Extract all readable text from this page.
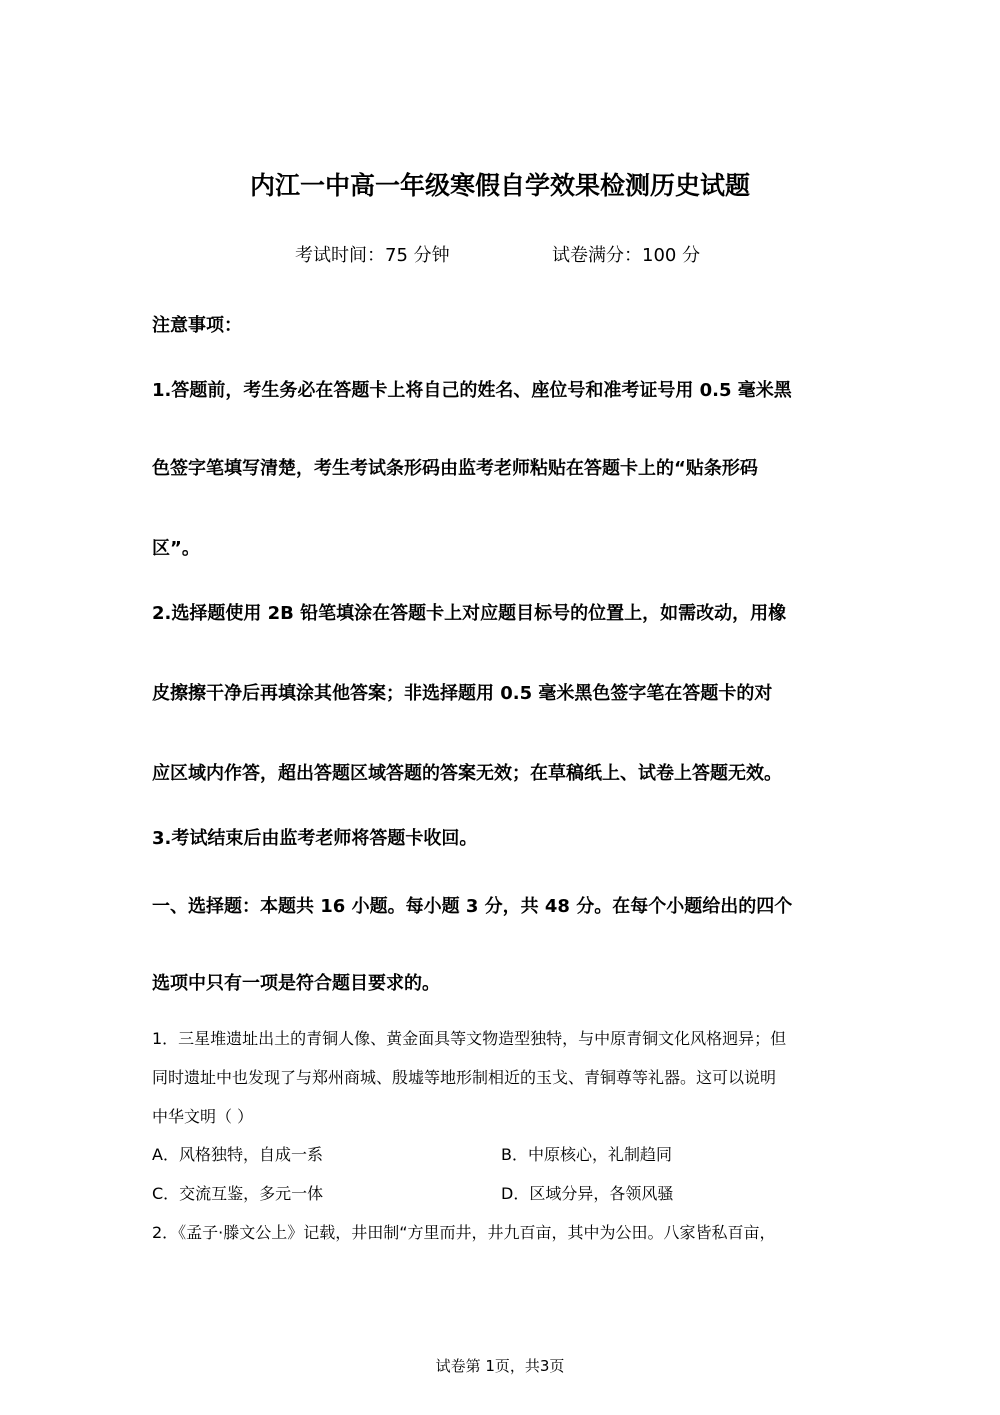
内江一中高一年级寒假自学效果检测历史试题
考试时间：75 分钟	试卷满分：100 分
注意事项：
1.答题前，考生务必在答题卡上将自己的姓名、座位号和准考证号用 0.5 毫米黑
色签字笔填写清楚，考生考试条形码由监考老师粘贴在答题卡上的“贴条形码
区”。
2.选择题使用 2B 铅笔填涂在答题卡上对应题目标号的位置上，如需改动，用橡
皮擦擦干净后再填涂其他答案；非选择题用 0.5 毫米黑色签字笔在答题卡的对
应区域内作答，超出答题区域答题的答案无效；在草稿纸上、试卷上答题无效。
3.考试结束后由监考老师将答题卡收回。
一、选择题：本题共 16 小题。每小题 3 分，共 48 分。在每个小题给出的四个
选项中只有一项是符合题目要求的。
1．三星堆遗址出土的青铜人像、黄金面具等文物造型独特，与中原青铜文化风格迥异；但
同时遗址中也发现了与郑州商城、殷墟等地形制相近的玉戈、青铜尊等礼器。这可以说明
中华文明（ ）
A．风格独特，自成一系	B．中原核心，礼制趋同
C．交流互鉴，多元一体	D．区域分异，各领风骚
2．《孟子·滕文公上》记载，井田制“方里而井，井九百亩，其中为公田。八家皆私百亩，
试卷第 1页，共3页
